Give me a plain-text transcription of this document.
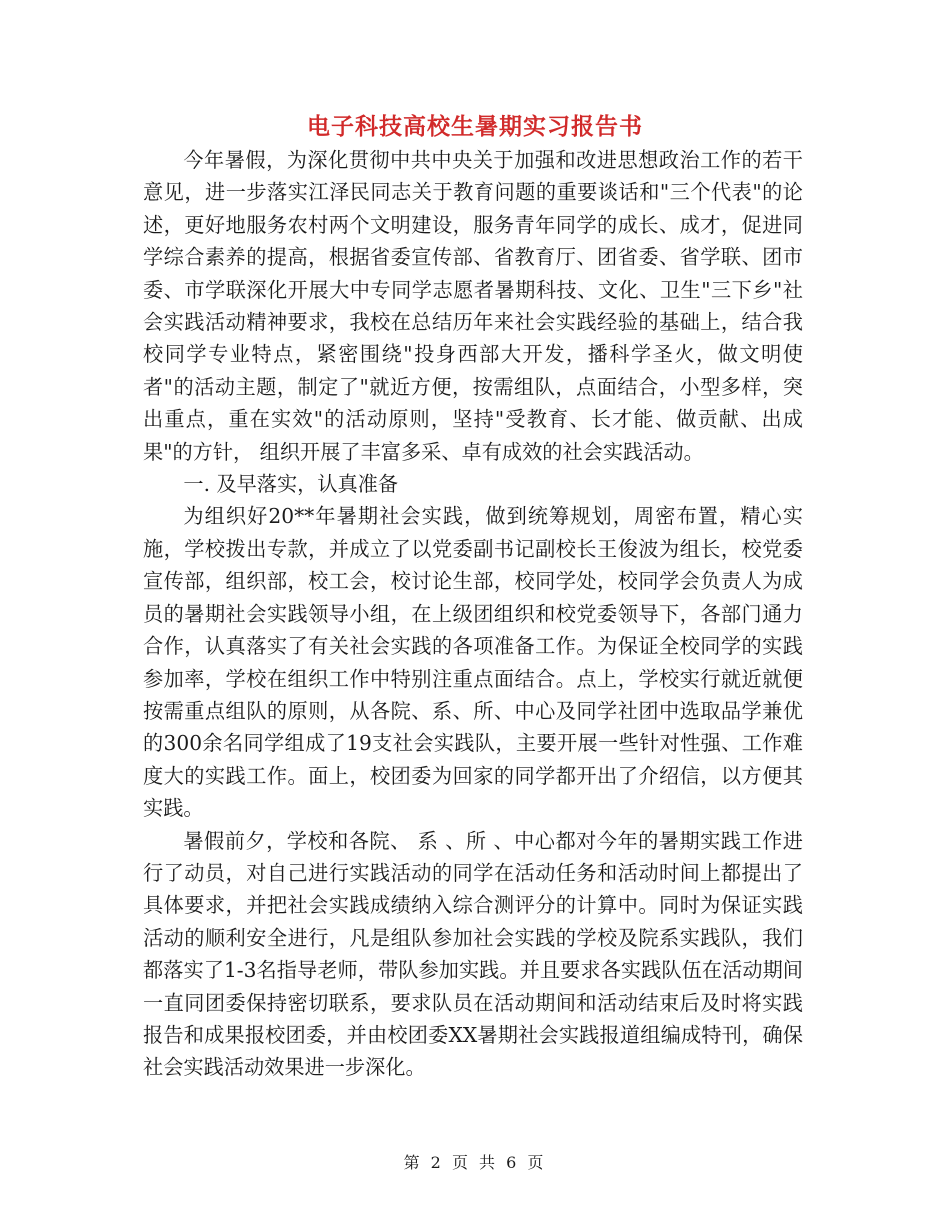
电子科技高校生暑期实习报告书

今年暑假，为深化贯彻中共中央关于加强和改进思想政治工作的若干意见，进一步落实江泽民同志关于教育问题的重要谈话和"三个代表"的论述，更好地服务农村两个文明建设，服务青年同学的成长、成才，促进同学综合素养的提高，根据省委宣传部、省教育厅、团省委、省学联、团市委、市学联深化开展大中专同学志愿者暑期科技、文化、卫生"三下乡"社会实践活动精神要求，我校在总结历年来社会实践经验的基础上，结合我校同学专业特点，紧密围绕"投身西部大开发，播科学圣火，做文明使者"的活动主题，制定了"就近方便，按需组队，点面结合，小型多样，突出重点，重在实效"的活动原则，坚持"受教育、长才能、做贡献、出成果"的方针， 组织开展了丰富多采、卓有成效的社会实践活动。

一. 及早落实，认真准备

为组织好20**年暑期社会实践，做到统筹规划，周密布置，精心实施，学校拨出专款，并成立了以党委副书记副校长王俊波为组长，校党委宣传部，组织部，校工会，校讨论生部，校同学处，校同学会负责人为成员的暑期社会实践领导小组，在上级团组织和校党委领导下，各部门通力合作，认真落实了有关社会实践的各项准备工作。为保证全校同学的实践参加率，学校在组织工作中特别注重点面结合。点上，学校实行就近就便按需重点组队的原则，从各院、系、所、中心及同学社团中选取品学兼优的300余名同学组成了19支社会实践队，主要开展一些针对性强、工作难度大的实践工作。面上，校团委为回家的同学都开出了介绍信，以方便其实践。

暑假前夕，学校和各院、 系 、所 、中心都对今年的暑期实践工作进行了动员，对自己进行实践活动的同学在活动任务和活动时间上都提出了具体要求，并把社会实践成绩纳入综合测评分的计算中。同时为保证实践活动的顺利安全进行，凡是组队参加社会实践的学校及院系实践队，我们都落实了1-3名指导老师，带队参加实践。并且要求各实践队伍在活动期间一直同团委保持密切联系，要求队员在活动期间和活动结束后及时将实践报告和成果报校团委，并由校团委XX暑期社会实践报道组编成特刊，确保社会实践活动效果进一步深化。

第 2 页 共 6 页
